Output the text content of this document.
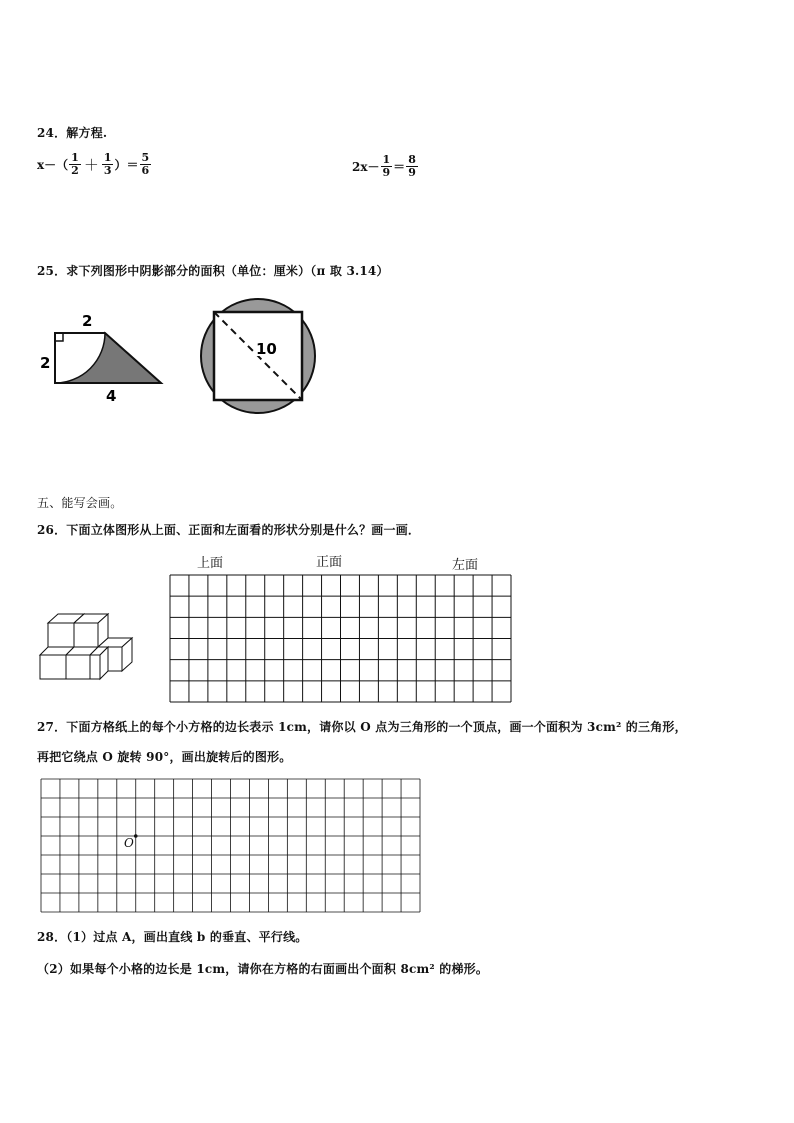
24．解方程.
$x-( \frac{1}{2} + \frac{1}{3}$ ）＝ $\frac{5}{6}$	$2x- \frac{1}{9} = \frac{8}{9}$
25．求下列图形中阴影部分的面积（单位：厘米）（π 取 3.14）
2
2
4
10
五、能写会画。
26．下面立体图形从上面、正面和左面看的形状分别是什么？画一画．
上面	正面	左面
27．下面方格纸上的每个小方格的边长表示 1cm，请你以 O 点为三角形的一个顶点，画一个面积为 3cm² 的三角形，
再把它绕点 O 旋转 90°，画出旋转后的图形。
O
28．（1）过点 A，画出直线 b 的垂直、平行线。
（2）如果每个小格的边长是 1cm，请你在方格的右面画出个面积 8cm² 的梯形。
